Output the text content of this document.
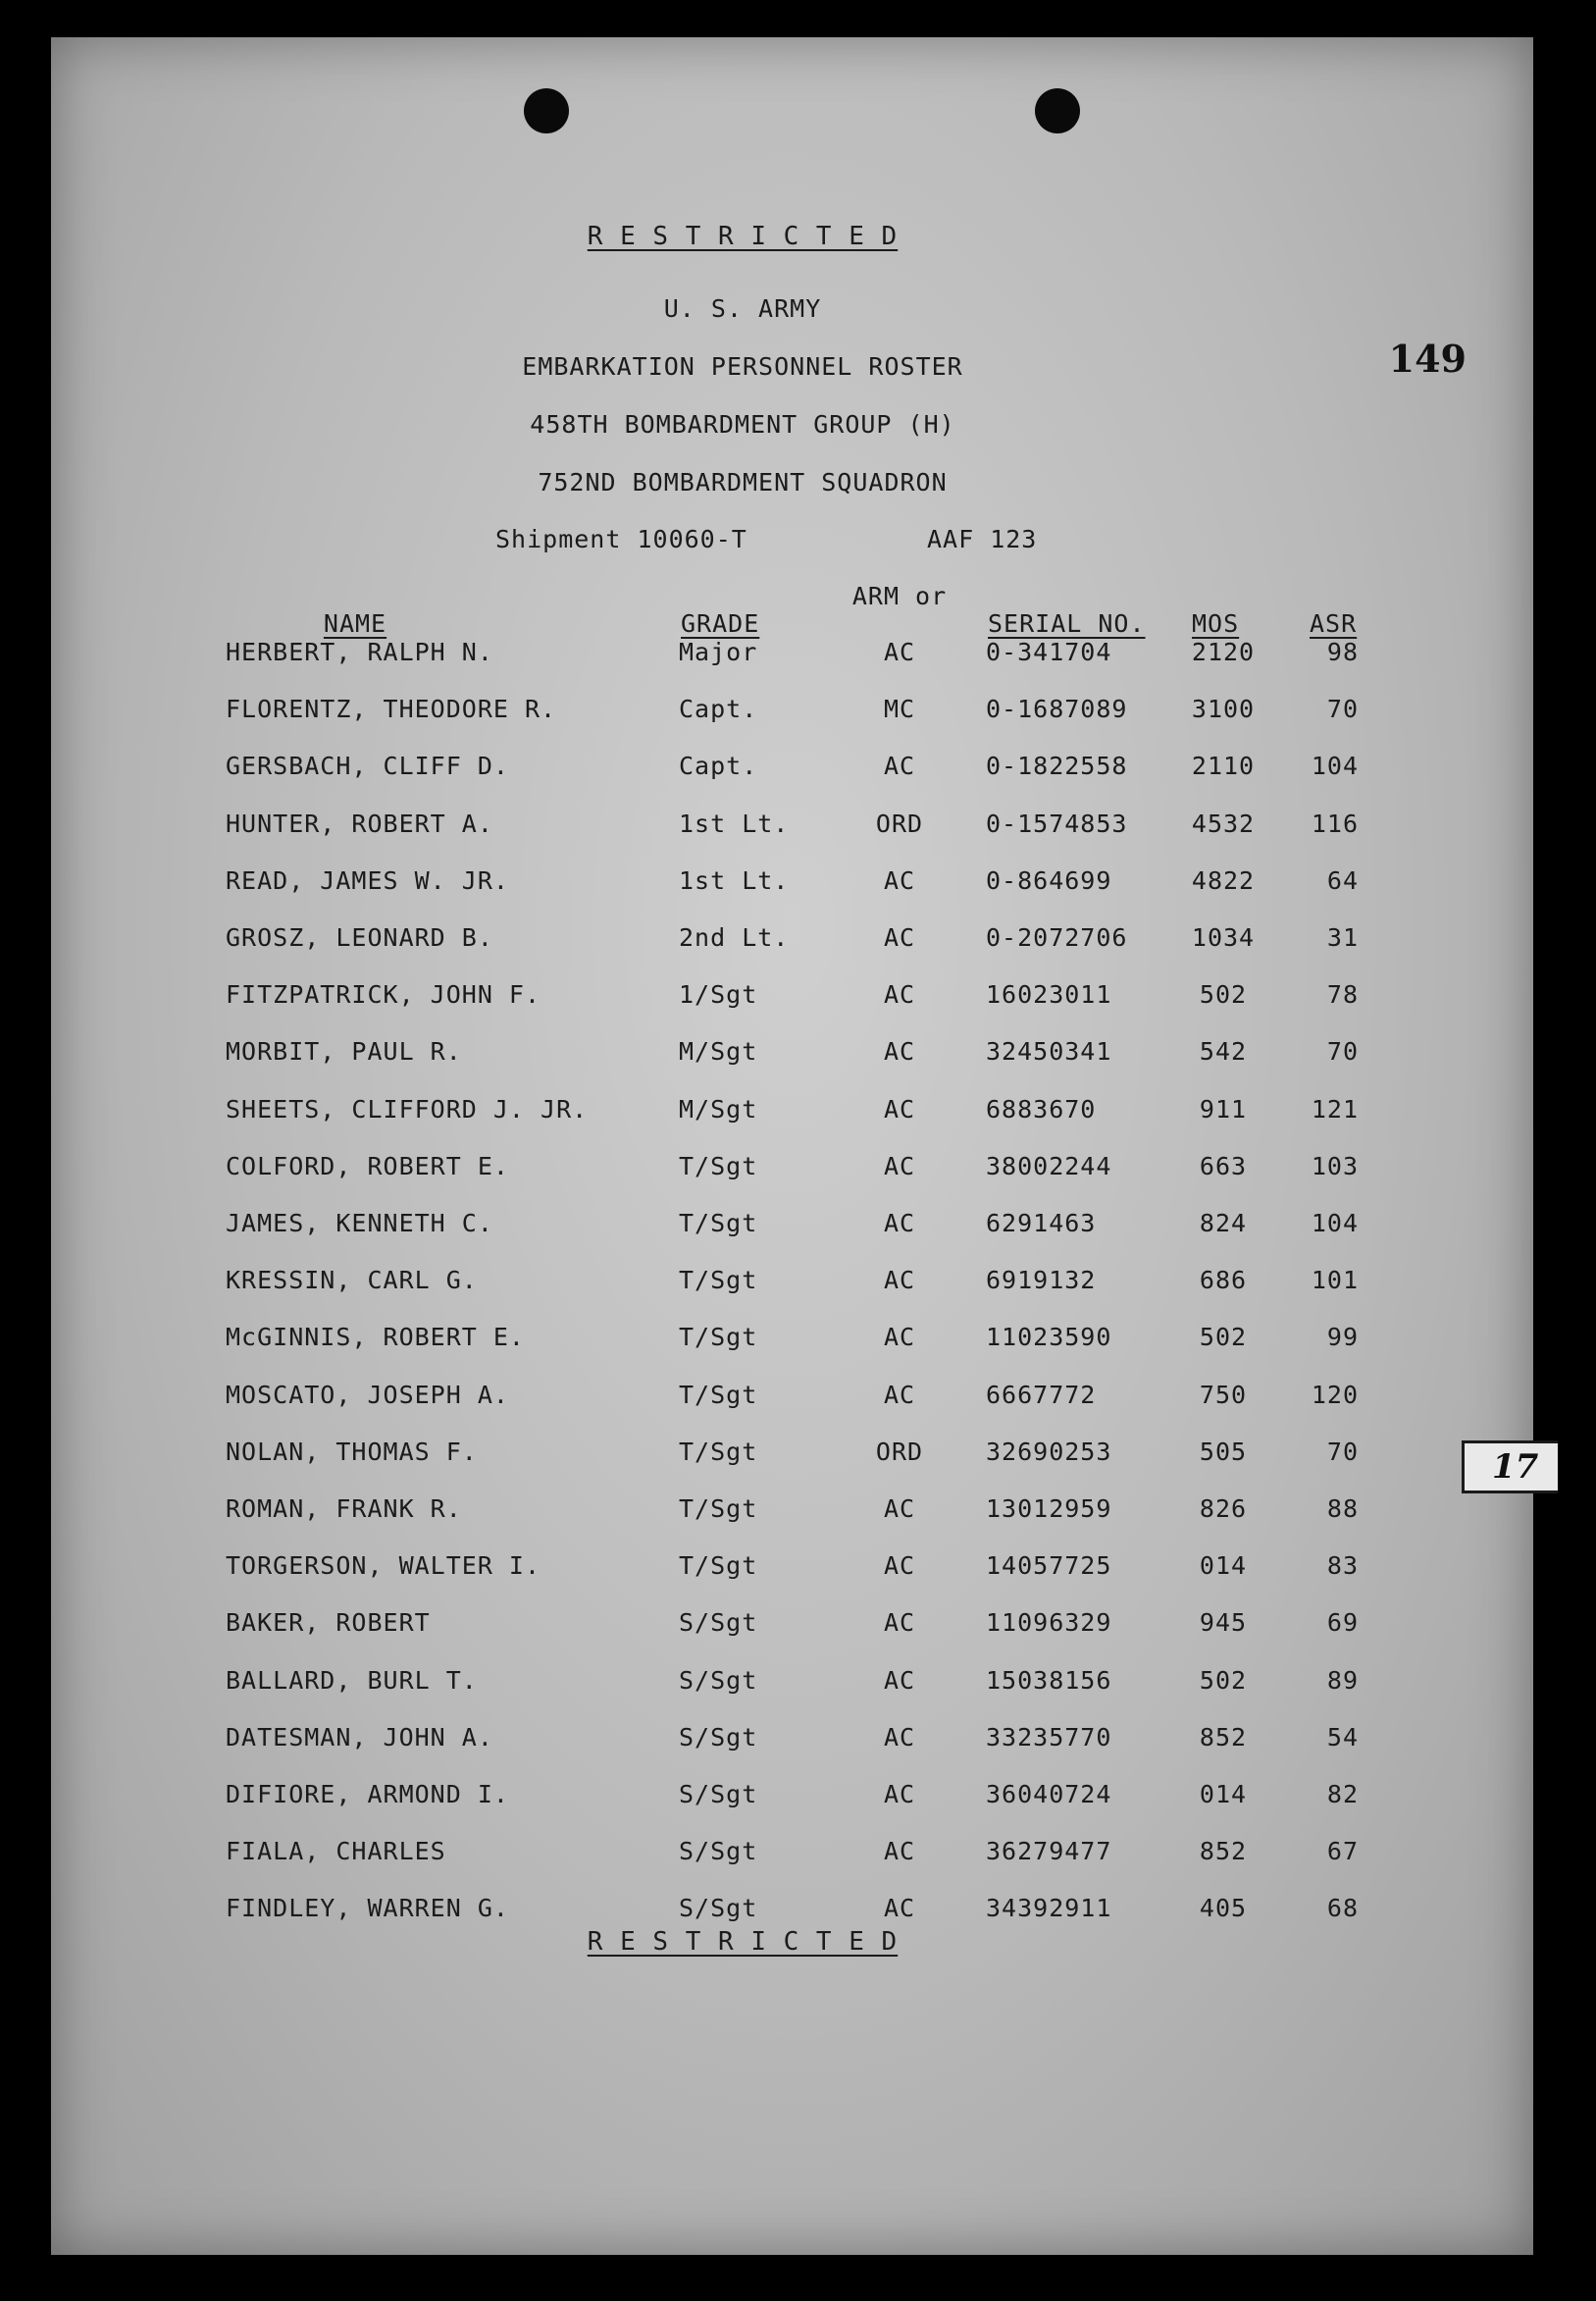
R E S T R I C T E D
U. S. ARMY
EMBARKATION PERSONNEL ROSTER
458TH BOMBARDMENT GROUP (H)
752ND BOMBARDMENT SQUADRON
Shipment 10060-T	AAF 123
149
NAME	GRADE
ARM or
SERIAL NO. MOS	ASR
HERBERT, RALPH N.	Major	AC	0-341704	2120	98
FLORENTZ, THEODORE R.	Capt.	MC	0-1687089	3100	70
GERSBACH, CLIFF D.	Capt.	AC	0-1822558	2110	104
HUNTER, ROBERT A.	1st Lt.	ORD	0-1574853	4532	116
READ, JAMES W. JR.	1st Lt.	AC	0-864699	4822	64
GROSZ, LEONARD B.	2nd Lt.	AC	0-2072706	1034	31
FITZPATRICK, JOHN F.	1/Sgt	AC	16023011	502	78
MORBIT, PAUL R.	M/Sgt	AC	32450341	542	70
SHEETS, CLIFFORD J. JR.	M/Sgt	AC	6883670	911	121
COLFORD, ROBERT E.	T/Sgt	AC	38002244	663	103
JAMES, KENNETH C.	T/Sgt	AC	6291463	824	104
KRESSIN, CARL G.	T/Sgt	AC	6919132	686	101
McGINNIS, ROBERT E.	T/Sgt	AC	11023590	502	99
MOSCATO, JOSEPH A.	T/Sgt	AC	6667772	750	120
NOLAN, THOMAS F.	T/Sgt	ORD	32690253	505	70
ROMAN, FRANK R.	T/Sgt	AC	13012959	826	88
TORGERSON, WALTER I.	T/Sgt	AC	14057725	014	83
BAKER, ROBERT	S/Sgt	AC	11096329	945	69
BALLARD, BURL T.	S/Sgt	AC	15038156	502	89
DATESMAN, JOHN A.	S/Sgt	AC	33235770	852	54
DIFIORE, ARMOND I.	S/Sgt	AC	36040724	014	82
FIALA, CHARLES	S/Sgt	AC	36279477	852	67
FINDLEY, WARREN G.	S/Sgt	AC	34392911	405	68
R E S T R I C T E D
17
